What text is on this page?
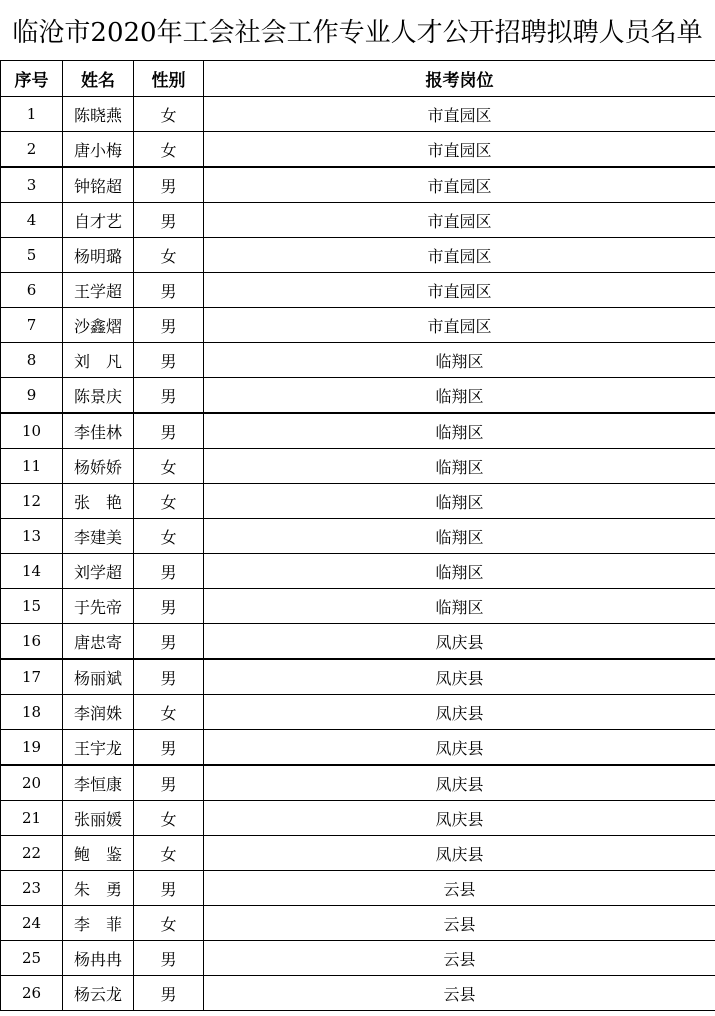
临沧市2020年工会社会工作专业人才公开招聘拟聘人员名单
序号	姓名	性别	报考岗位
1	陈晓燕	女	市直园区
2	唐小梅	女	市直园区
3	钟铭超	男	市直园区
4	自才艺	男	市直园区
5	杨明璐	女	市直园区
6	王学超	男	市直园区
7	沙鑫熠	男	市直园区
8	刘　凡	男	临翔区
9	陈景庆	男	临翔区
10	李佳林	男	临翔区
11	杨娇娇	女	临翔区
12	张　艳	女	临翔区
13	李建美	女	临翔区
14	刘学超	男	临翔区
15	于先帝	男	临翔区
16	唐忠寄	男	凤庆县
17	杨丽斌	男	凤庆县
18	李润姝	女	凤庆县
19	王宇龙	男	凤庆县
20	李恒康	男	凤庆县
21	张丽媛	女	凤庆县
22	鲍　鉴	女	凤庆县
23	朱　勇	男	云县
24	李　菲	女	云县
25	杨冉冉	男	云县
26	杨云龙	男	云县
